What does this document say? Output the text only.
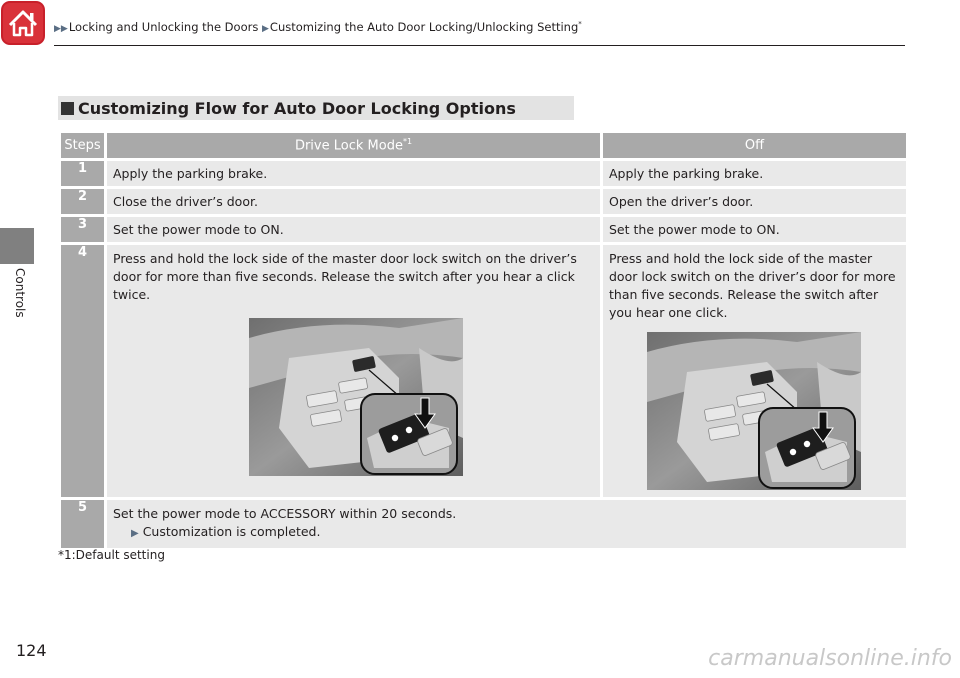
▶▶Locking and Unlocking the Doors ▶Customizing the Auto Door Locking/Unlocking Setting*
Controls
Customizing Flow for Auto Door Locking Options
Steps	Drive Lock Mode$^{*1}$	Off
1	Apply the parking brake.	Apply the parking brake.
2	Close the driver’s door.	Open the driver’s door.
3	Set the power mode to ON.	Set the power mode to ON.
4	Press and hold the lock side of the master door lock switch on the driver’s door for more than five seconds. Release the switch after you hear a click twice.	Press and hold the lock side of the master door lock switch on the driver’s door for more than five seconds. Release the switch after you hear one click.

5	Set the power mode to ACCESSORY within 20 seconds.
▶ Customization is completed.	
*1:Default setting
124	carmanualsonline.info
